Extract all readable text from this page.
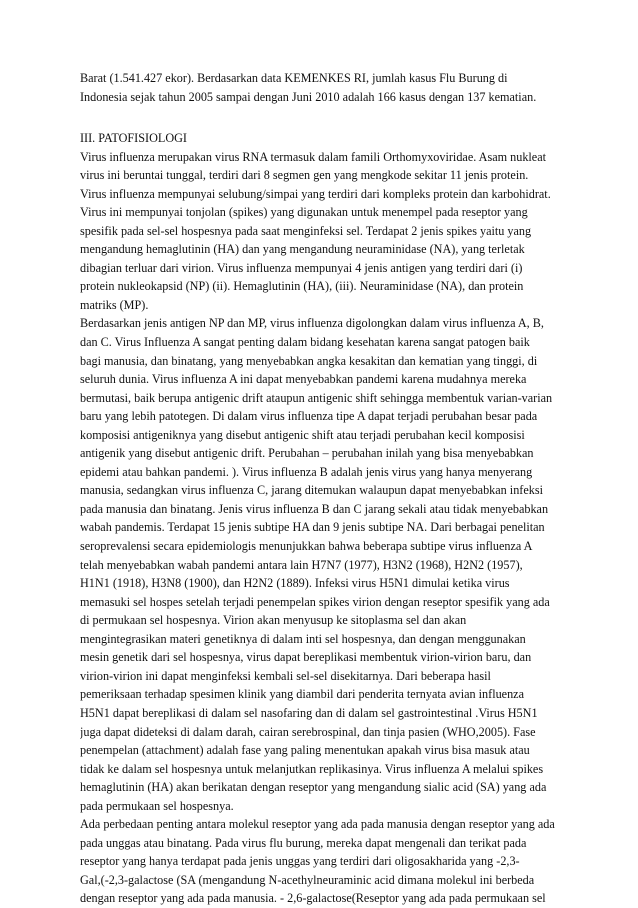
Barat (1.541.427 ekor). Berdasarkan data KEMENKES RI, jumlah kasus Flu Burung di
Indonesia sejak tahun 2005 sampai dengan Juni 2010 adalah 166 kasus dengan 137 kematian.
III. PATOFISIOLOGI
Virus influenza merupakan virus RNA termasuk dalam famili Orthomyxoviridae. Asam nukleat
virus ini beruntai tunggal, terdiri dari 8 segmen gen yang mengkode sekitar 11 jenis protein.
Virus influenza mempunyai selubung/simpai yang terdiri dari kompleks protein dan karbohidrat.
Virus ini mempunyai tonjolan (spikes) yang digunakan untuk menempel pada reseptor yang
spesifik pada sel-sel hospesnya pada saat menginfeksi sel. Terdapat 2 jenis spikes yaitu yang
mengandung hemaglutinin (HA) dan yang mengandung neuraminidase (NA), yang terletak
dibagian terluar dari virion. Virus influenza mempunyai 4 jenis antigen yang terdiri dari (i)
protein nukleokapsid (NP) (ii). Hemaglutinin (HA), (iii). Neuraminidase (NA), dan protein
matriks (MP).
Berdasarkan jenis antigen NP dan MP, virus influenza digolongkan dalam virus influenza A, B,
dan C. Virus Influenza A sangat penting dalam bidang kesehatan karena sangat patogen baik
bagi manusia, dan binatang, yang menyebabkan angka kesakitan dan kematian yang tinggi, di
seluruh dunia. Virus influenza A ini dapat menyebabkan pandemi karena mudahnya mereka
bermutasi, baik berupa antigenic drift ataupun antigenic shift sehingga membentuk varian-varian
baru yang lebih patotegen. Di dalam virus influenza tipe A dapat terjadi perubahan besar pada
komposisi antigeniknya yang disebut antigenic shift atau terjadi perubahan kecil komposisi
antigenik yang disebut antigenic drift. Perubahan – perubahan inilah yang bisa menyebabkan
epidemi atau bahkan pandemi. ). Virus influenza B adalah jenis virus yang hanya menyerang
manusia, sedangkan virus influenza C, jarang ditemukan walaupun dapat menyebabkan infeksi
pada manusia dan binatang. Jenis virus influenza B dan C jarang sekali atau tidak menyebabkan
wabah pandemis. Terdapat 15 jenis subtipe HA dan 9 jenis subtipe NA. Dari berbagai penelitan
seroprevalensi secara epidemiologis menunjukkan bahwa beberapa subtipe virus influenza A
telah menyebabkan wabah pandemi antara lain H7N7 (1977), H3N2 (1968), H2N2 (1957),
H1N1 (1918), H3N8 (1900), dan H2N2 (1889). Infeksi virus H5N1 dimulai ketika virus
memasuki sel hospes setelah terjadi penempelan spikes virion dengan reseptor spesifik yang ada
di permukaan sel hospesnya. Virion akan menyusup ke sitoplasma sel dan akan
mengintegrasikan materi genetiknya di dalam inti sel hospesnya, dan dengan menggunakan
mesin genetik dari sel hospesnya, virus dapat bereplikasi membentuk virion-virion baru, dan
virion-virion ini dapat menginfeksi kembali sel-sel disekitarnya. Dari beberapa hasil
pemeriksaan terhadap spesimen klinik yang diambil dari penderita ternyata avian influenza
H5N1 dapat bereplikasi di dalam sel nasofaring dan di dalam sel gastrointestinal .Virus H5N1
juga dapat dideteksi di dalam darah, cairan serebrospinal, dan tinja pasien (WHO,2005). Fase
penempelan (attachment) adalah fase yang paling menentukan apakah virus bisa masuk atau
tidak ke dalam sel hospesnya untuk melanjutkan replikasinya. Virus influenza A melalui spikes
hemaglutinin (HA) akan berikatan dengan reseptor yang mengandung sialic acid (SA) yang ada
pada permukaan sel hospesnya.
Ada perbedaan penting antara molekul reseptor yang ada pada manusia dengan reseptor yang ada
pada unggas atau binatang. Pada virus flu burung, mereka dapat mengenali dan terikat pada
reseptor yang hanya terdapat pada jenis unggas yang terdiri dari oligosakharida yang -2,3-
Gal,(-2,3-galactose (SA (mengandung N-acethylneuraminic acid dimana molekul ini berbeda
dengan reseptor yang ada pada manusia. - 2,6-galactose(Reseptor yang ada pada permukaan sel
